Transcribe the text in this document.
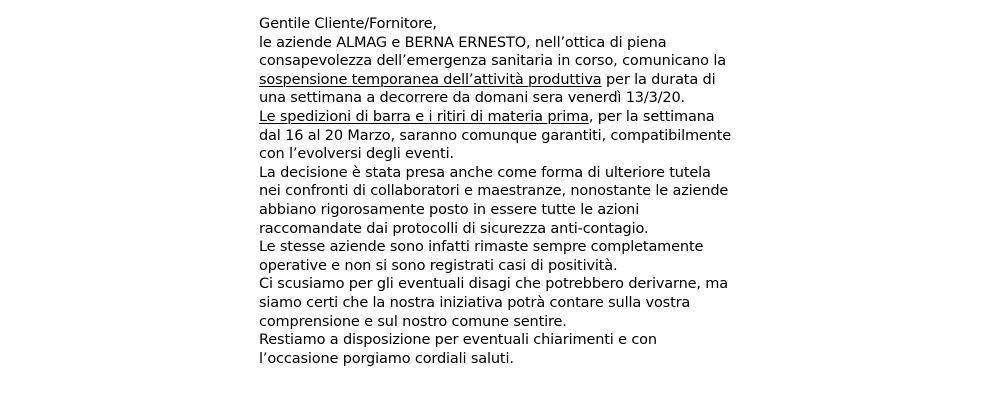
Gentile Cliente/Fornitore,
le aziende ALMAG e BERNA ERNESTO, nell’ottica di piena
consapevolezza dell’emergenza sanitaria in corso, comunicano la
sospensione temporanea dell’attività produttiva per la durata di
una settimana a decorrere da domani sera venerdì 13/3/20.
Le spedizioni di barra e i ritiri di materia prima, per la settimana
dal 16 al 20 Marzo, saranno comunque garantiti, compatibilmente
con l’evolversi degli eventi.
La decisione è stata presa anche come forma di ulteriore tutela
nei confronti di collaboratori e maestranze, nonostante le aziende
abbiano rigorosamente posto in essere tutte le azioni
raccomandate dai protocolli di sicurezza anti-contagio.
Le stesse aziende sono infatti rimaste sempre completamente
operative e non si sono registrati casi di positività.
Ci scusiamo per gli eventuali disagi che potrebbero derivarne, ma
siamo certi che la nostra iniziativa potrà contare sulla vostra
comprensione e sul nostro comune sentire.
Restiamo a disposizione per eventuali chiarimenti e con
l’occasione porgiamo cordiali saluti.
